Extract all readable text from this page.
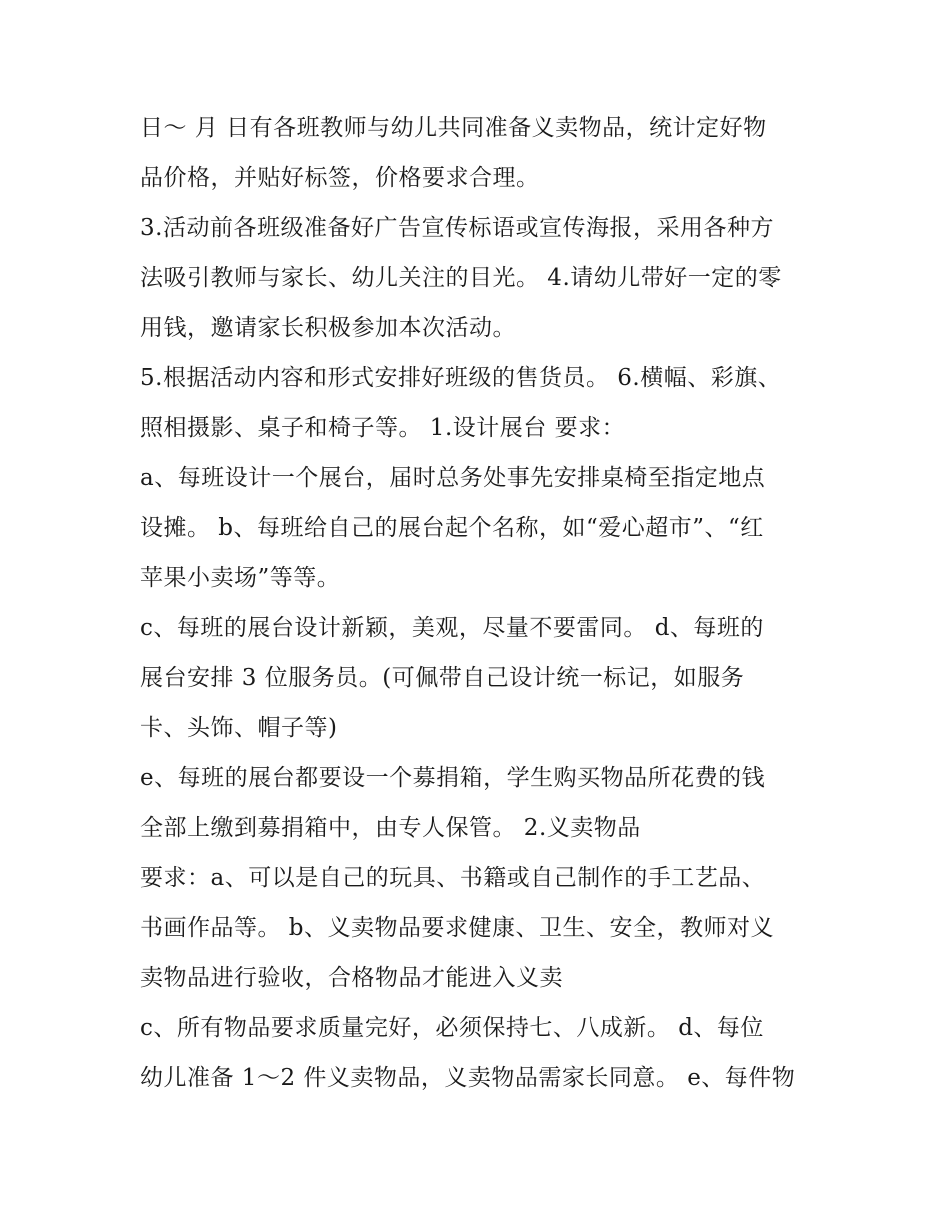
日～ 月 日有各班教师与幼儿共同准备义卖物品，统计定好物
品价格，并贴好标签，价格要求合理。
3.活动前各班级准备好广告宣传标语或宣传海报，采用各种方
法吸引教师与家长、幼儿关注的目光。 4.请幼儿带好一定的零
用钱，邀请家长积极参加本次活动。
5.根据活动内容和形式安排好班级的售货员。 6.横幅、彩旗、
照相摄影、桌子和椅子等。 1.设计展台 要求：
a、每班设计一个展台，届时总务处事先安排桌椅至指定地点
设摊。 b、每班给自己的展台起个名称，如“爱心超市”、“红
苹果小卖场”等等。
c、每班的展台设计新颖，美观，尽量不要雷同。 d、每班的
展台安排 3 位服务员。(可佩带自己设计统一标记，如服务
卡、头饰、帽子等)
e、每班的展台都要设一个募捐箱，学生购买物品所花费的钱
全部上缴到募捐箱中，由专人保管。 2.义卖物品
要求：a、可以是自己的玩具、书籍或自己制作的手工艺品、
书画作品等。 b、义卖物品要求健康、卫生、安全，教师对义
卖物品进行验收，合格物品才能进入义卖
c、所有物品要求质量完好，必须保持七、八成新。 d、每位
幼儿准备 1～2 件义卖物品，义卖物品需家长同意。 e、每件物
